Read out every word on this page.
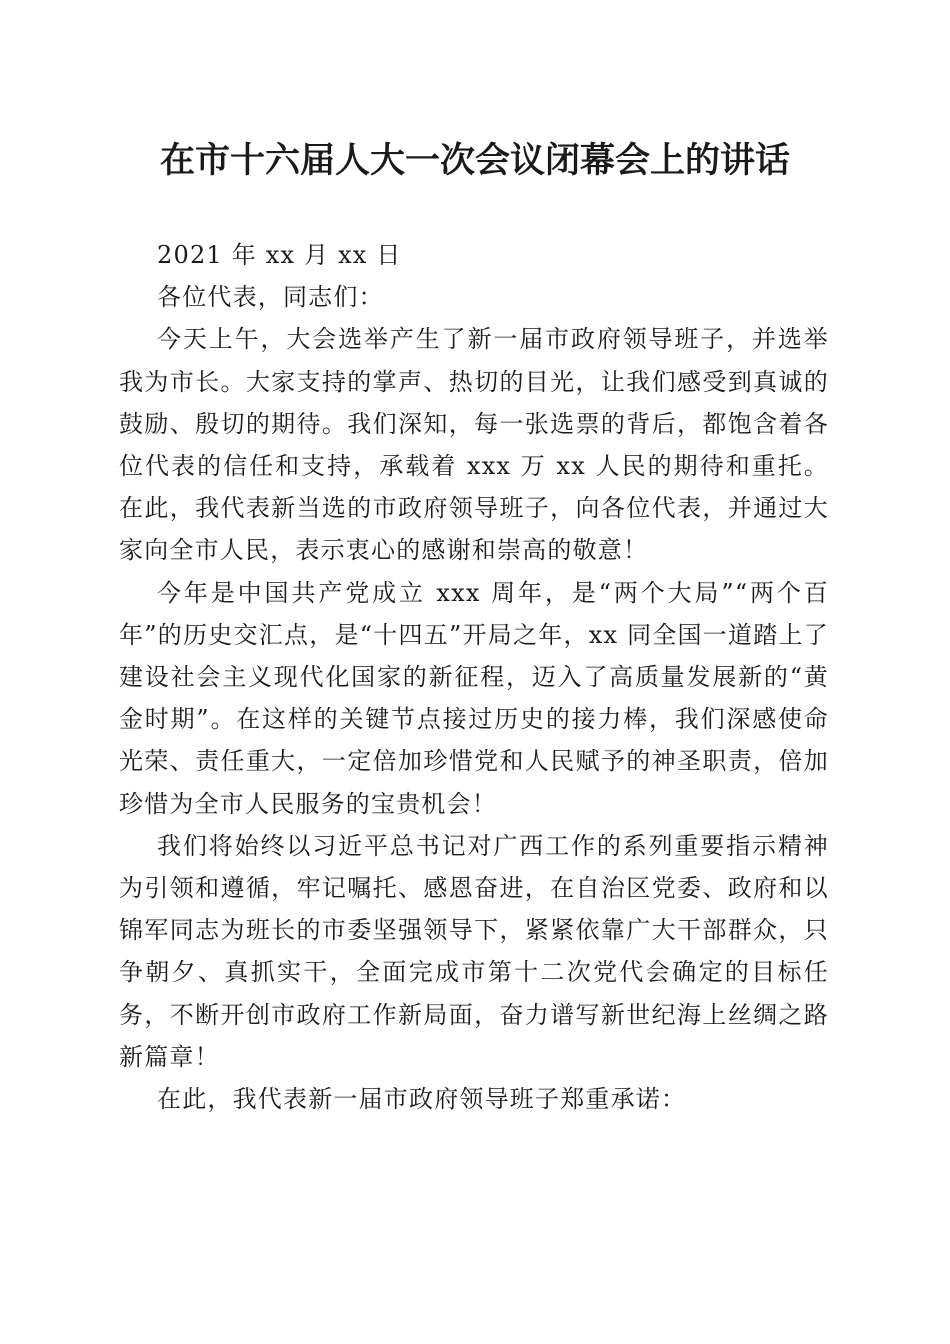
在市十六届人大一次会议闭幕会上的讲话

2021 年 xx 月 xx 日

各位代表，同志们：

今天上午，大会选举产生了新一届市政府领导班子，并选举我为市长。大家支持的掌声、热切的目光，让我们感受到真诚的鼓励、殷切的期待。我们深知，每一张选票的背后，都饱含着各位代表的信任和支持，承载着 xxx 万 xx 人民的期待和重托。在此，我代表新当选的市政府领导班子，向各位代表，并通过大家向全市人民，表示衷心的感谢和崇高的敬意！

今年是中国共产党成立 xxx 周年，是“两个大局”“两个百年”的历史交汇点，是“十四五”开局之年，xx 同全国一道踏上了建设社会主义现代化国家的新征程，迈入了高质量发展新的“黄金时期”。在这样的关键节点接过历史的接力棒，我们深感使命光荣、责任重大，一定倍加珍惜党和人民赋予的神圣职责，倍加珍惜为全市人民服务的宝贵机会！

我们将始终以习近平总书记对广西工作的系列重要指示精神为引领和遵循，牢记嘱托、感恩奋进，在自治区党委、政府和以锦军同志为班长的市委坚强领导下，紧紧依靠广大干部群众，只争朝夕、真抓实干，全面完成市第十二次党代会确定的目标任务，不断开创市政府工作新局面，奋力谱写新世纪海上丝绸之路新篇章！

在此，我代表新一届市政府领导班子郑重承诺：
